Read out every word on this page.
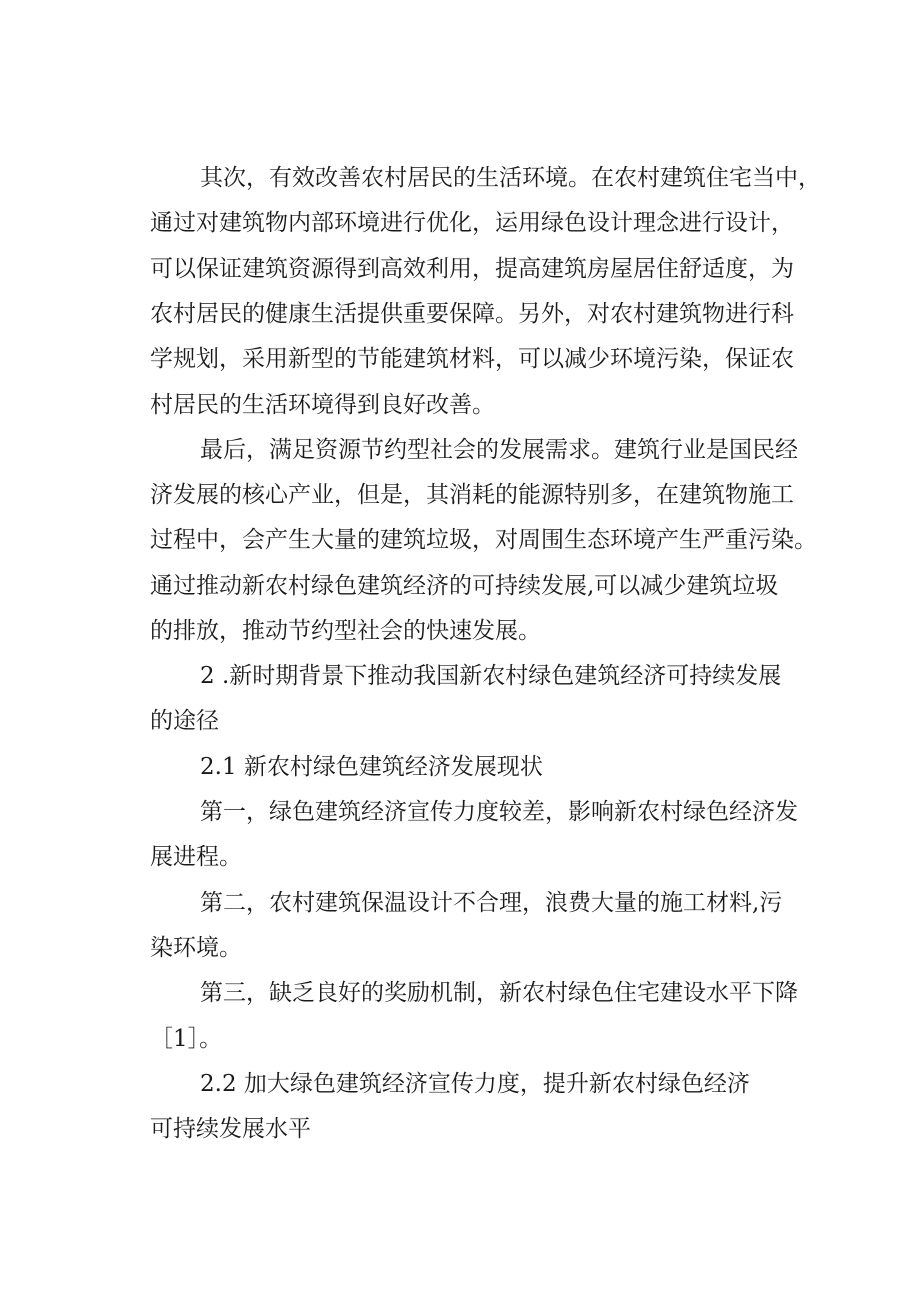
其次，有效改善农村居民的生活环境。在农村建筑住宅当中，
通过对建筑物内部环境进行优化，运用绿色设计理念进行设计，
可以保证建筑资源得到高效利用，提高建筑房屋居住舒适度，为
农村居民的健康生活提供重要保障。另外，对农村建筑物进行科
学规划，采用新型的节能建筑材料，可以减少环境污染，保证农
村居民的生活环境得到良好改善。
最后，满足资源节约型社会的发展需求。建筑行业是国民经
济发展的核心产业，但是，其消耗的能源特别多，在建筑物施工
过程中，会产生大量的建筑垃圾，对周围生态环境产生严重污染。
通过推动新农村绿色建筑经济的可持续发展,可以减少建筑垃圾
的排放，推动节约型社会的快速发展。
2 .新时期背景下推动我国新农村绿色建筑经济可持续发展
的途径
2.1 新农村绿色建筑经济发展现状
第一，绿色建筑经济宣传力度较差，影响新农村绿色经济发
展进程。
第二，农村建筑保温设计不合理，浪费大量的施工材料,污
染环境。
第三，缺乏良好的奖励机制，新农村绿色住宅建设水平下降
［1］。
2.2 加大绿色建筑经济宣传力度，提升新农村绿色经济
可持续发展水平
